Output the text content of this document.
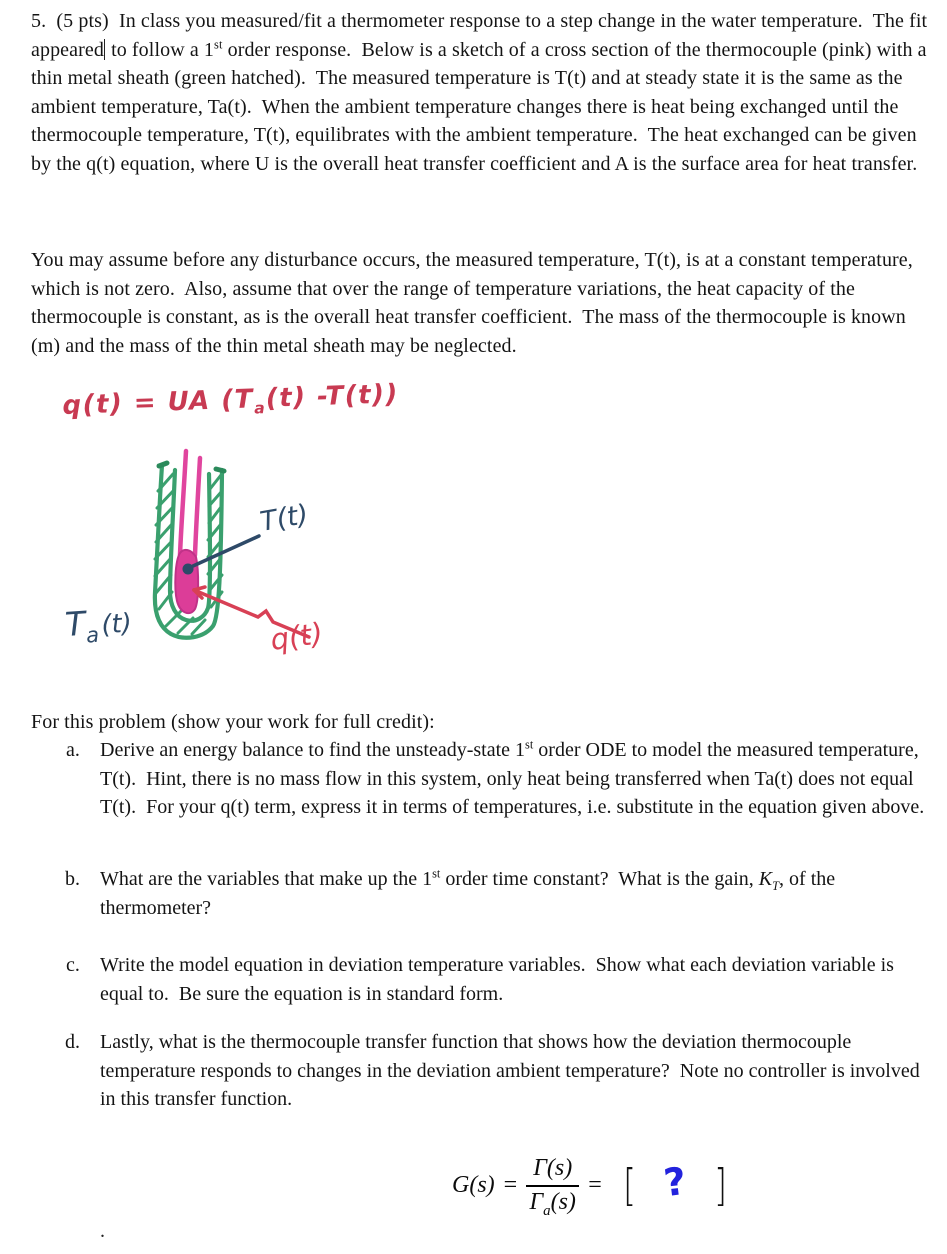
5.  (5 pts)  In class you measured/fit a thermometer response to a step change in the water temperature.  The fit appeared to follow a 1st order response.  Below is a sketch of a cross section of the thermocouple (pink) with a thin metal sheath (green hatched).  The measured temperature is T(t) and at steady state it is the same as the ambient temperature, Ta(t).  When the ambient temperature changes there is heat being exchanged until the thermocouple temperature, T(t), equilibrates with the ambient temperature.  The heat exchanged can be given by the q(t) equation, where U is the overall heat transfer coefficient and A is the surface area for heat transfer.
You may assume before any disturbance occurs, the measured temperature, T(t), is at a constant temperature, which is not zero.  Also, assume that over the range of temperature variations, the heat capacity of the thermocouple is constant, as is the overall heat transfer coefficient.  The mass of the thermocouple is known (m) and the mass of the thin metal sheath may be neglected.
q(t) = UA ($T_a(t)$ -T(t))
T(t)
$T_a^{(t)}$	q(t)
For this problem (show your work for full credit):
a. Derive an energy balance to find the unsteady-state 1st order ODE to model the measured temperature, T(t).  Hint, there is no mass flow in this system, only heat being transferred when Ta(t) does not equal T(t).  For your q(t) term, express it in terms of temperatures, i.e. substitute in the equation given above.
b. What are the variables that make up the 1st order time constant?  What is the gain, $K_T$, of the thermometer?
c. Write the model equation in deviation temperature variables.  Show what each deviation variable is equal to.  Be sure the equation is in standard form.
d. Lastly, what is the thermocouple transfer function that shows how the deviation thermocouple temperature responds to changes in the deviation ambient temperature?  Note no controller is involved in this transfer function.
$G(s) = \frac{\Gamma(s)}{\Gamma_a(s)}$ = [ ? ]
.
